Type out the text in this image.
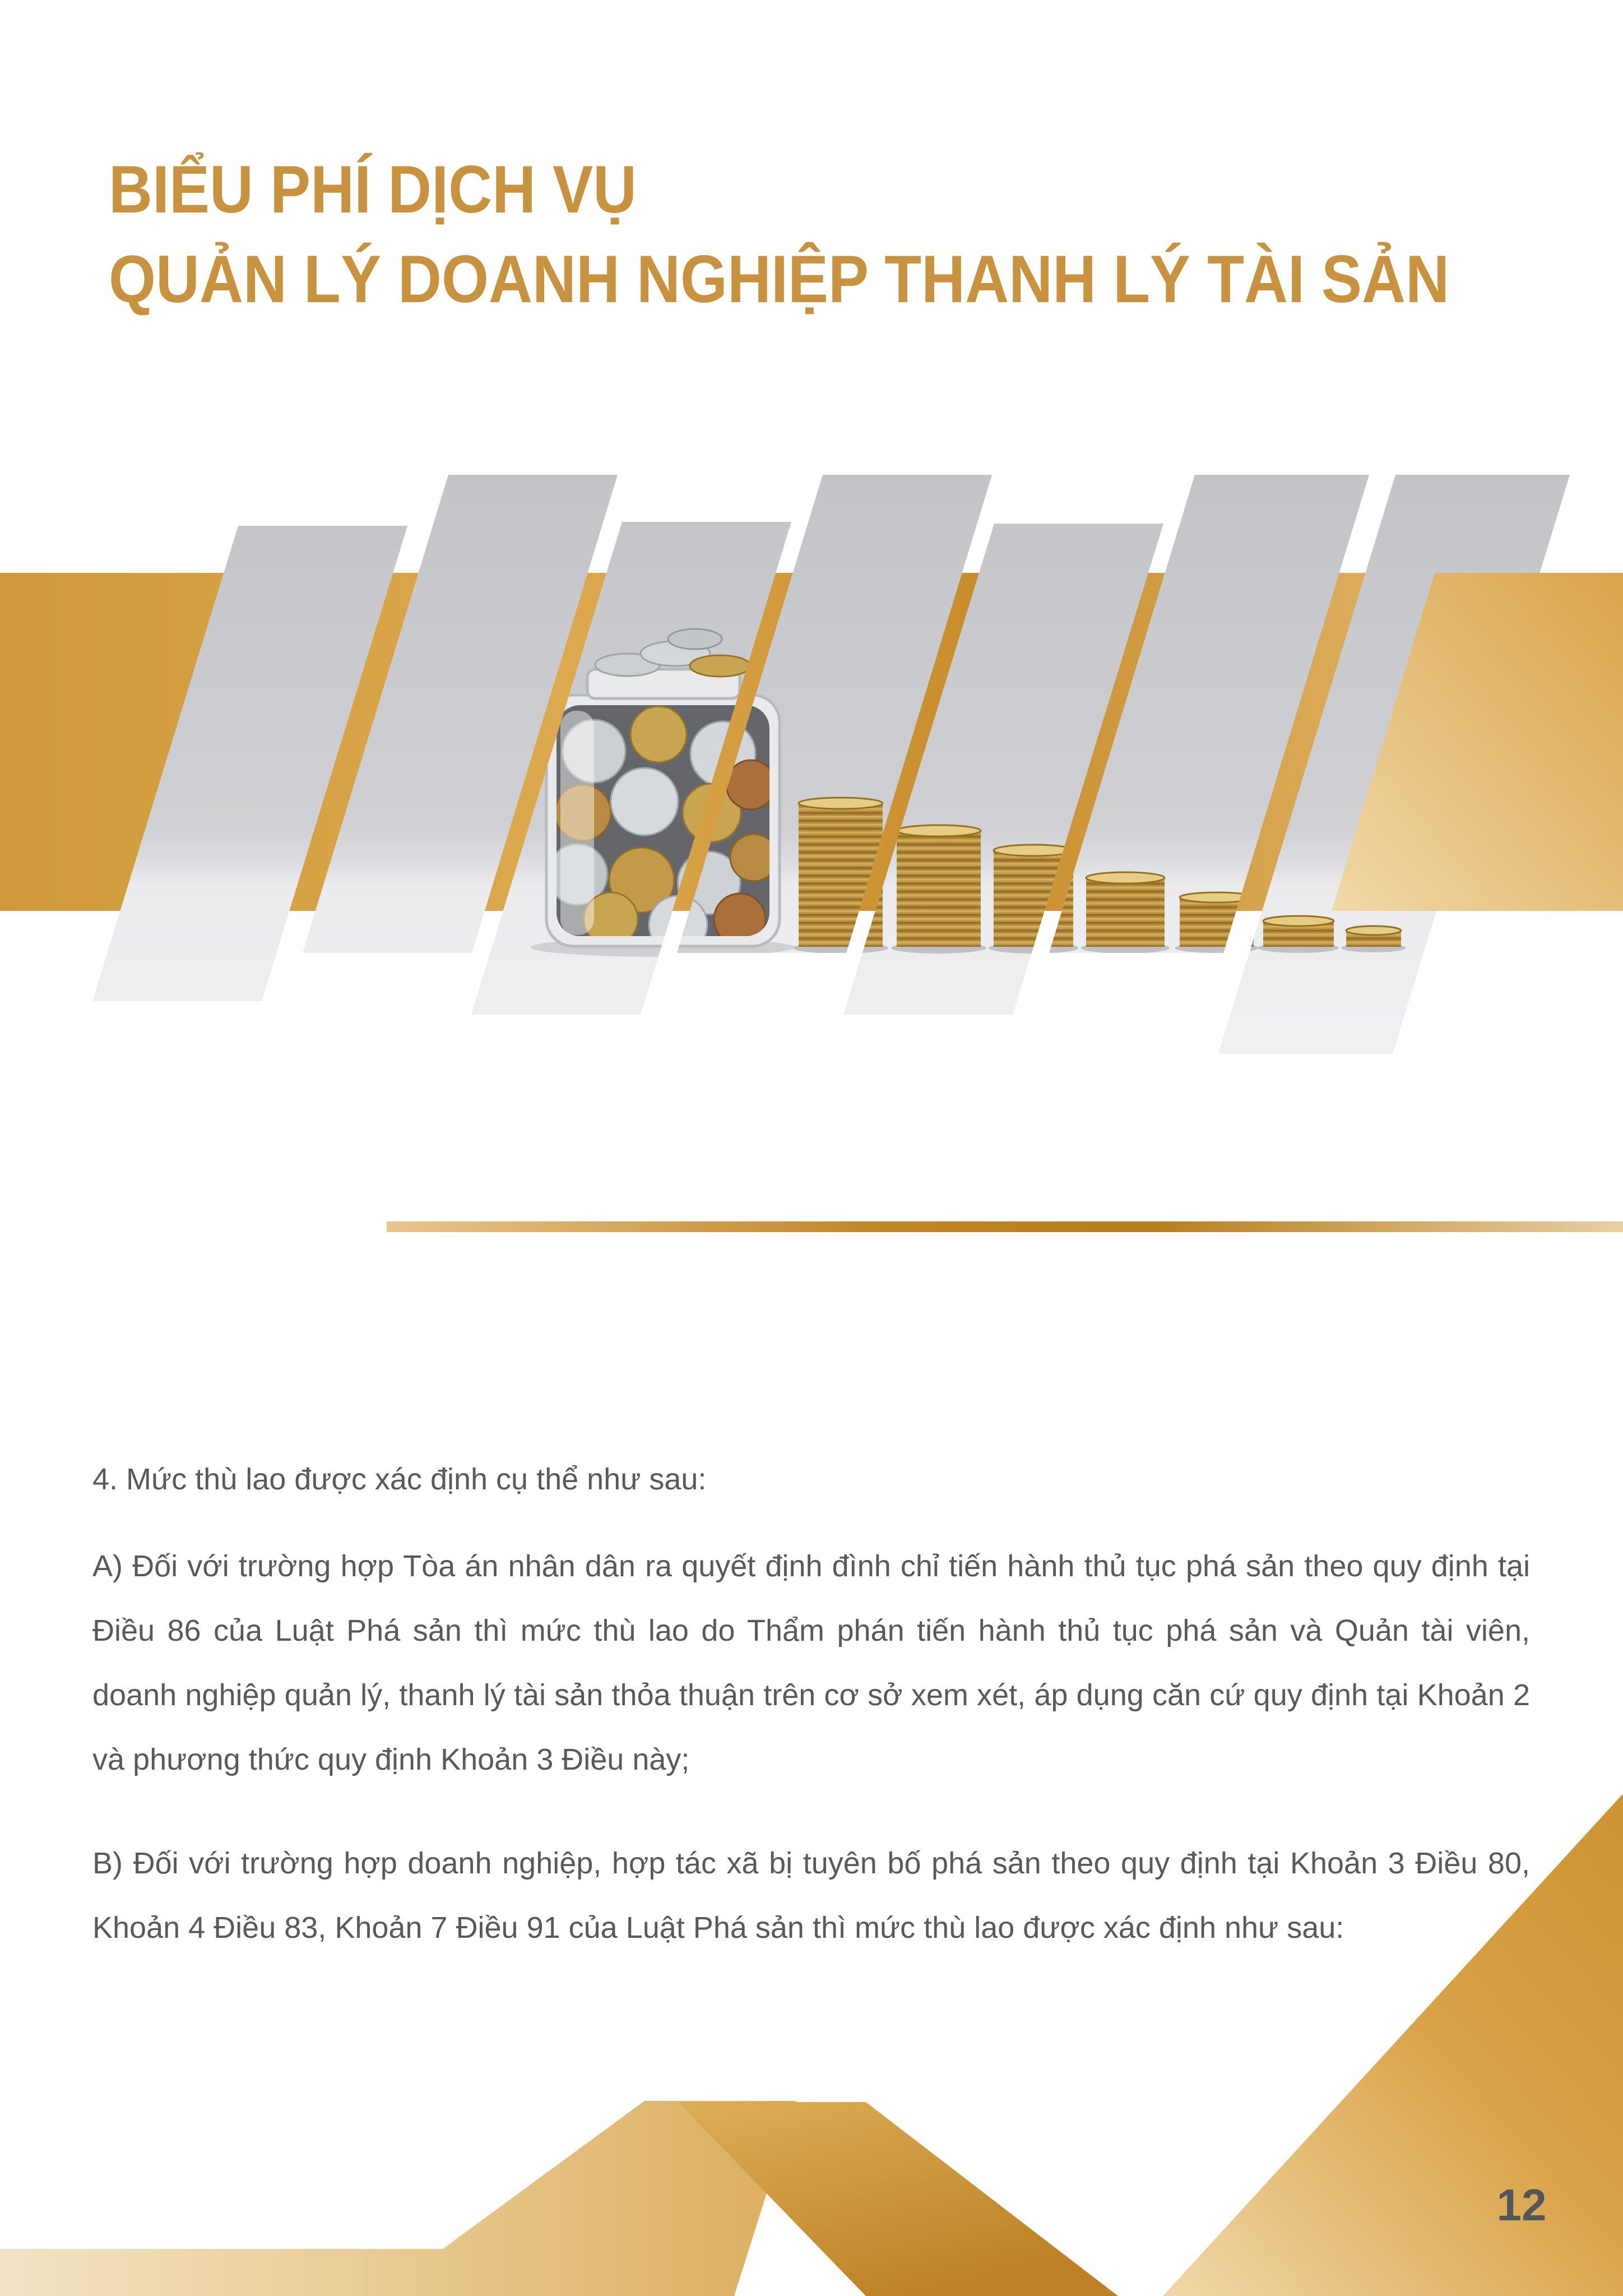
BIỂU PHÍ DỊCH VỤ
QUẢN LÝ DOANH NGHIỆP THANH LÝ TÀI SẢN

4. Mức thù lao được xác định cụ thể như sau:

A) Đối với trường hợp Tòa án nhân dân ra quyết định đình chỉ tiến hành thủ tục phá sản theo quy định tại Điều 86 của Luật Phá sản thì mức thù lao do Thẩm phán tiến hành thủ tục phá sản và Quản tài viên, doanh nghiệp quản lý, thanh lý tài sản thỏa thuận trên cơ sở xem xét, áp dụng căn cứ quy định tại Khoản 2 và phương thức quy định Khoản 3 Điều này;

B) Đối với trường hợp doanh nghiệp, hợp tác xã bị tuyên bố phá sản theo quy định tại Khoản 3 Điều 80, Khoản 4 Điều 83, Khoản 7 Điều 91 của Luật Phá sản thì mức thù lao được xác định như sau:

12
